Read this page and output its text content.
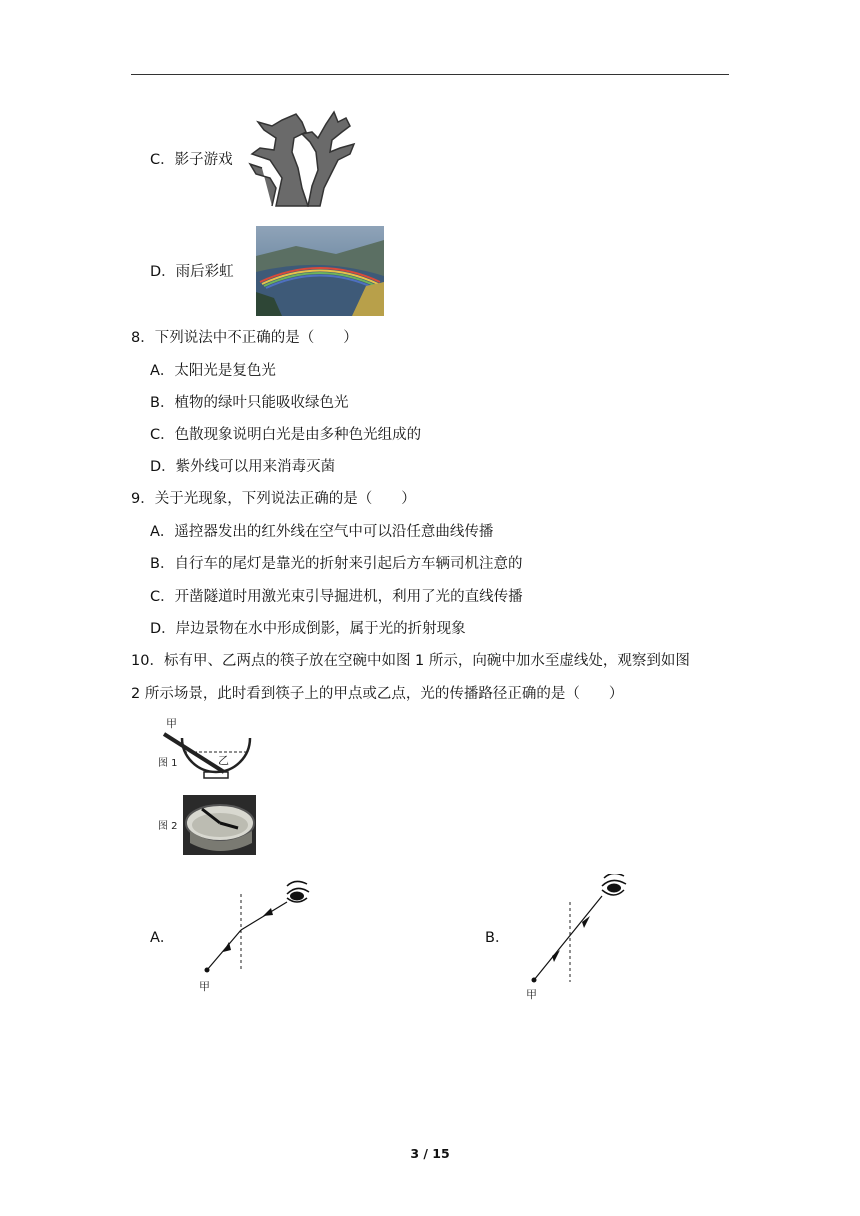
C．影子游戏
D．雨后彩虹
8．下列说法中不正确的是（　　）
A．太阳光是复色光
B．植物的绿叶只能吸收绿色光
C．色散现象说明白光是由多种色光组成的
D．紫外线可以用来消毒灭菌
9．关于光现象，下列说法正确的是（　　）
A．遥控器发出的红外线在空气中可以沿任意曲线传播
B．自行车的尾灯是靠光的折射来引起后方车辆司机注意的
C．开凿隧道时用激光束引导掘进机，利用了光的直线传播
D．岸边景物在水中形成倒影，属于光的折射现象
10．标有甲、乙两点的筷子放在空碗中如图 1 所示，向碗中加水至虚线处，观察到如图
2 所示场景，此时看到筷子上的甲点或乙点，光的传播路径正确的是（　　）
甲
图 1	乙
图 2
A．
甲
B．
甲
3 / 15
